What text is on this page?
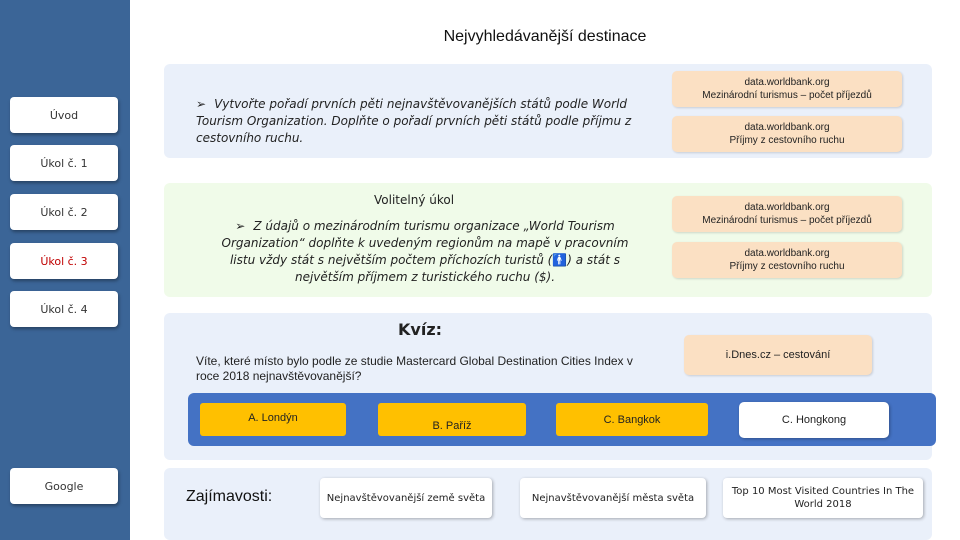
Úvod
Úkol č. 1
Úkol č. 2
Úkol č. 3
Úkol č. 4
Google
Nejvyhledávanější destinace
➢ Vytvořte pořadí prvních pěti nejnavštěvovanějších států podle World Tourism Organization. Doplňte o pořadí prvních pěti států podle příjmu z cestovního ruchu.
data.worldbank.org
Mezinárodní turismus – počet příjezdů
data.worldbank.org
Příjmy z cestovního ruchu
Volitelný úkol
➢ Z údajů o mezinárodním turismu organizace „World Tourism Organization“ doplňte k uvedeným regionům na mapě v pracovním listu vždy stát s největším počtem příchozích turistů (🚹) a stát s největším příjmem z turistického ruchu ($).
data.worldbank.org
Mezinárodní turismus – počet příjezdů
data.worldbank.org
Příjmy z cestovního ruchu
Kvíz:
Víte, které místo bylo podle ze studie Mastercard Global Destination Cities Index v roce 2018 nejnavštěvovanější?
i.Dnes.cz – cestování
A. Londýn
B. Paříž
C. Bangkok	C. Hongkong
Zajímavosti:	Nejnavštěvovanější země světa	Nejnavštěvovanější města světa
Top 10 Most Visited Countries In The World 2018
